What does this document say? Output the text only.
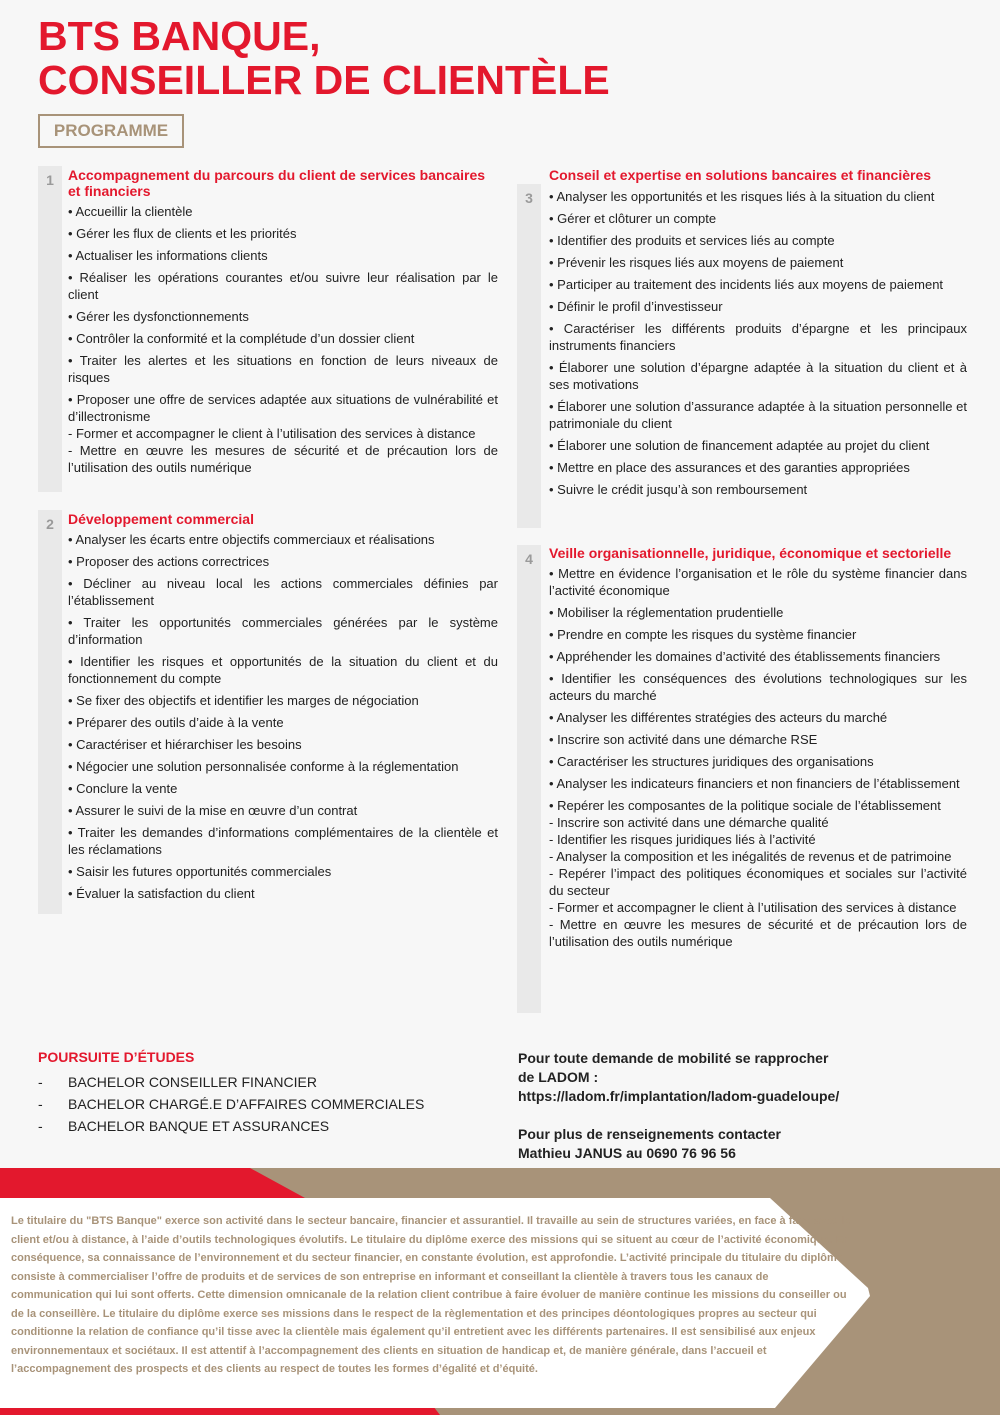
BTS BANQUE,
CONSEILLER DE CLIENTÈLE
PROGRAMME
1	Accompagnement du parcours du client de services bancaires et financiers
• Accueillir la clientèle
• Gérer les flux de clients et les priorités
• Actualiser les informations clients
• Réaliser les opérations courantes et/ou suivre leur réalisation par le client
• Gérer les dysfonctionnements
• Contrôler la conformité et la complétude d’un dossier client
• Traiter les alertes et les situations en fonction de leurs niveaux de risques
• Proposer une offre de services adaptée aux situations de vulnérabilité et d’illectronisme
- Former et accompagner le client à l’utilisation des services à distance
- Mettre en œuvre les mesures de sécurité et de précaution lors de l’utilisation des outils numérique
2	Développement commercial
• Analyser les écarts entre objectifs commerciaux et réalisations
• Proposer des actions correctrices
• Décliner au niveau local les actions commerciales définies par l’établissement
• Traiter les opportunités commerciales générées par le système d’information
• Identifier les risques et opportunités de la situation du client et du fonctionnement du compte
• Se fixer des objectifs et identifier les marges de négociation
• Préparer des outils d’aide à la vente
• Caractériser et hiérarchiser les besoins
• Négocier une solution personnalisée conforme à la réglementation
• Conclure la vente
• Assurer le suivi de la mise en œuvre d’un contrat
• Traiter les demandes d’informations complémentaires de la clientèle et les réclamations
• Saisir les futures opportunités commerciales
• Évaluer la satisfaction du client
3
Conseil et expertise en solutions bancaires et financières
• Analyser les opportunités et les risques liés à la situation du client
• Gérer et clôturer un compte
• Identifier des produits et services liés au compte
• Prévenir les risques liés aux moyens de paiement
• Participer au traitement des incidents liés aux moyens de paiement
• Définir le profil d’investisseur
• Caractériser les différents produits d’épargne et les principaux instruments financiers
• Élaborer une solution d’épargne adaptée à la situation du client et à ses motivations
• Élaborer une solution d’assurance adaptée à la situation personnelle et patrimoniale du client
• Élaborer une solution de financement adaptée au projet du client
• Mettre en place des assurances et des garanties appropriées
• Suivre le crédit jusqu’à son remboursement
4	Veille organisationnelle, juridique, économique et sectorielle
• Mettre en évidence l’organisation et le rôle du système financier dans l’activité économique
• Mobiliser la réglementation prudentielle
• Prendre en compte les risques du système financier
• Appréhender les domaines d’activité des établissements financiers
• Identifier les conséquences des évolutions technologiques sur les acteurs du marché
• Analyser les différentes stratégies des acteurs du marché
• Inscrire son activité dans une démarche RSE
• Caractériser les structures juridiques des organisations
• Analyser les indicateurs financiers et non financiers de l’établissement
• Repérer les composantes de la politique sociale de l’établissement
- Inscrire son activité dans une démarche qualité
- Identifier les risques juridiques liés à l’activité
- Analyser la composition et les inégalités de revenus et de patrimoine
- Repérer l’impact des politiques économiques et sociales sur l’activité du secteur
- Former et accompagner le client à l’utilisation des services à distance
- Mettre en œuvre les mesures de sécurité et de précaution lors de l’utilisation des outils numérique
POURSUITE D’ÉTUDES
-	BACHELOR CONSEILLER FINANCIER
-	BACHELOR CHARGÉ.E D’AFFAIRES COMMERCIALES
-	BACHELOR BANQUE ET ASSURANCES

Pour toute demande de mobilité se rapprocher

de LADOM :

https://ladom.fr/implantation/ladom-guadeloupe/

Pour plus de renseignements contacter

Mathieu JANUS au 0690 76 96 56

Le titulaire du "BTS Banque" exerce son activité dans le secteur bancaire, financier et assurantiel. Il travaille au sein de structures variées, en face à face avec le client et/ou à distance, à l’aide d’outils technologiques évolutifs. Le titulaire du diplôme exerce des missions qui se situent au cœur de l’activité économique. En conséquence, sa connaissance de l’environnement et du secteur financier, en constante évolution, est approfondie. L’activité principale du titulaire du diplôme consiste à commercialiser l’offre de produits et de services de son entreprise en informant et conseillant la clientèle à travers tous les canaux de communication qui lui sont offerts. Cette dimension omnicanale de la relation client contribue à faire évoluer de manière continue les missions du conseiller ou de la conseillère. Le titulaire du diplôme exerce ses missions dans le respect de la règlementation et des principes déontologiques propres au secteur qui conditionne la relation de confiance qu’il tisse avec la clientèle mais également qu’il entretient avec les différents partenaires. Il est sensibilisé aux enjeux environnementaux et sociétaux. Il est attentif à l’accompagnement des clients en situation de handicap et, de manière générale, dans l’accueil et l’accompagnement des prospects et des clients au respect de toutes les formes d’égalité et d’équité.
